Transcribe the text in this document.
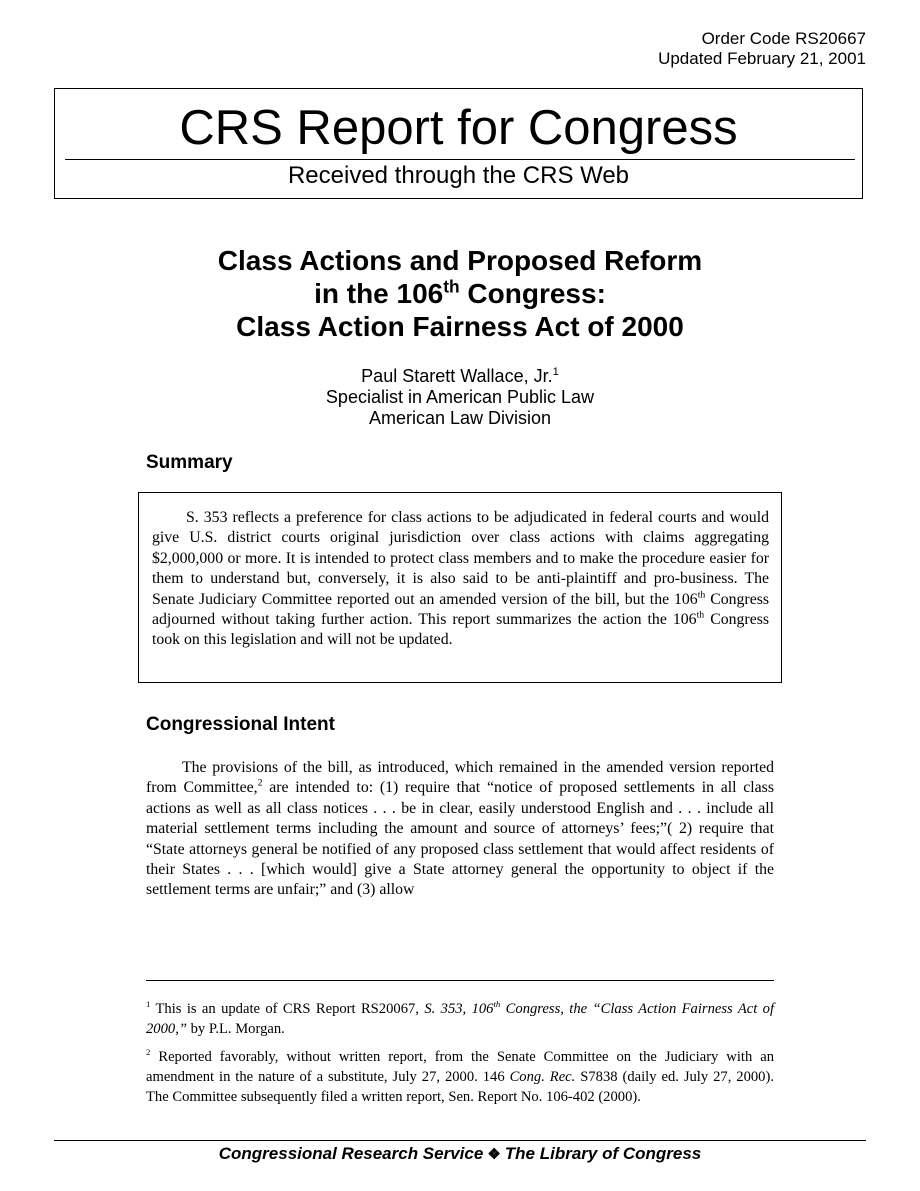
Order Code RS20667
Updated February 21, 2001
CRS Report for Congress
Received through the CRS Web
Class Actions and Proposed Reform
in the 106th Congress:
Class Action Fairness Act of 2000
Paul Starett Wallace, Jr.$^1$
Specialist in American Public Law
American Law Division
Summary

S. 353 reflects a preference for class actions to be adjudicated in federal courts and would give U.S. district courts original jurisdiction over class actions with claims aggregating $2,000,000 or more. It is intended to protect class members and to make the procedure easier for them to understand but, conversely, it is also said to be anti-plaintiff and pro-business. The Senate Judiciary Committee reported out an amended version of the bill, but the 106th Congress adjourned without taking further action. This report summarizes the action the 106th Congress took on this legislation and will not be updated.

Congressional Intent

The provisions of the bill, as introduced, which remained in the amended version reported from Committee,$^2$ are intended to: (1) require that “notice of proposed settlements in all class actions as well as all class notices . . . be in clear, easily understood English and . . . include all material settlement terms including the amount and source of attorneys’ fees;”( 2) require that “State attorneys general be notified of any proposed class settlement that would affect residents of their States . . . [which would] give a State attorney general the opportunity to object if the settlement terms are unfair;” and (3) allow

$^1$ This is an update of CRS Report RS20067, S. 353, 106th Congress, the “Class Action Fairness Act of 2000,” by P.L. Morgan.

$^2$ Reported favorably, without written report, from the Senate Committee on the Judiciary with an amendment in the nature of a substitute, July 27, 2000. 146 Cong. Rec. S7838 (daily ed. July 27, 2000). The Committee subsequently filed a written report, Sen. Report No. 106-402 (2000).

Congressional Research Service ❖ The Library of Congress
